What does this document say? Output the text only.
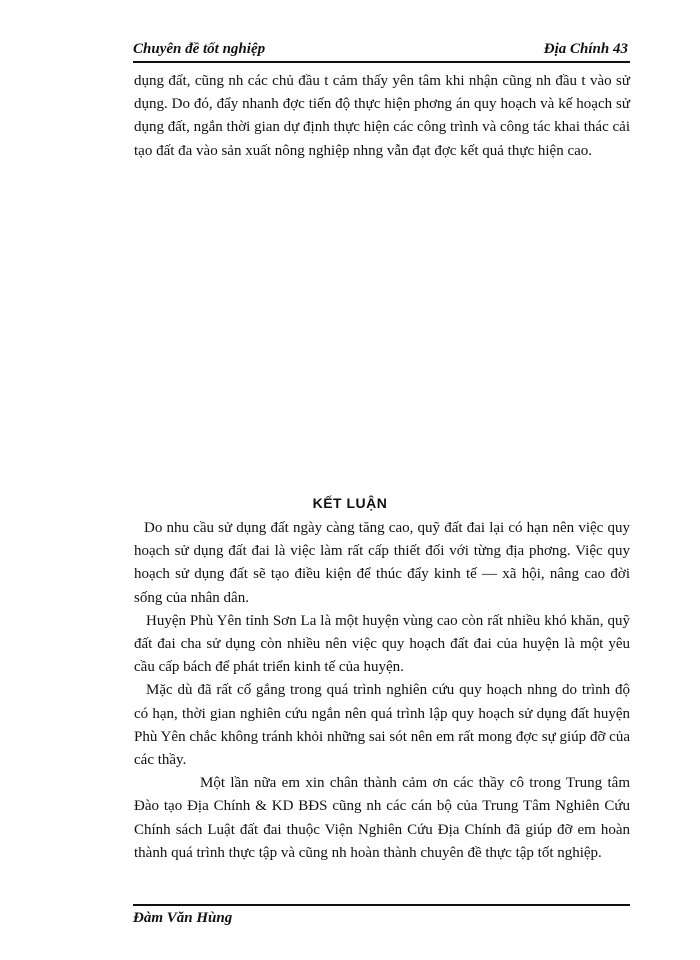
Chuyên đề tốt nghiệp	Địa Chính 43

dụng đất, cũng nh các chủ đầu t cảm thấy yên tâm khi nhận cũng nh đầu t vào sử dụng. Do đó, đẩy nhanh đợc tiến độ thực hiện phơng án quy hoạch và kế hoạch sử dụng đất, ngắn thời gian dự định thực hiện các công trình và công tác khai thác cải tạo đất đa vào sản xuất nông nghiệp nhng vẫn đạt đợc kết quả thực hiện cao.

KẾT LUẬN

Do nhu cầu sử dụng đất ngày càng tăng cao, quỹ đất đai lại có hạn nên việc quy hoạch sử dụng đất đai là việc làm rất cấp thiết đối với từng địa phơng. Việc quy hoạch sử dụng đất sẽ tạo điều kiện để thúc đẩy kinh tế — xã hội, nâng cao đời sống của nhân dân.

Huyện Phù Yên tỉnh Sơn La là một huyện vùng cao còn rất nhiều khó khăn, quỹ đất đai cha sử dụng còn nhiều nên việc quy hoạch đất đai của huyện là một yêu cầu cấp bách để phát triển kinh tế của huyện.

Mặc dù đã rất cố gắng trong quá trình nghiên cứu quy hoạch nhng do trình độ có hạn, thời gian nghiên cứu ngắn nên quá trình lập quy hoạch sử dụng đất huyện Phù Yên chắc không tránh khỏi những sai sót nên em rất mong đợc sự giúp đỡ của các thầy.

Một lần nữa em xin chân thành cảm ơn các thầy cô trong Trung tâm Đào tạo Địa Chính & KD BĐS cũng nh các cán bộ của Trung Tâm Nghiên Cứu Chính sách Luật đất đai thuộc Viện Nghiên Cứu Địa Chính đã giúp đỡ em hoàn thành quá trình thực tập và cũng nh hoàn thành chuyên đề thực tập tốt nghiệp.

Đàm Văn Hùng
